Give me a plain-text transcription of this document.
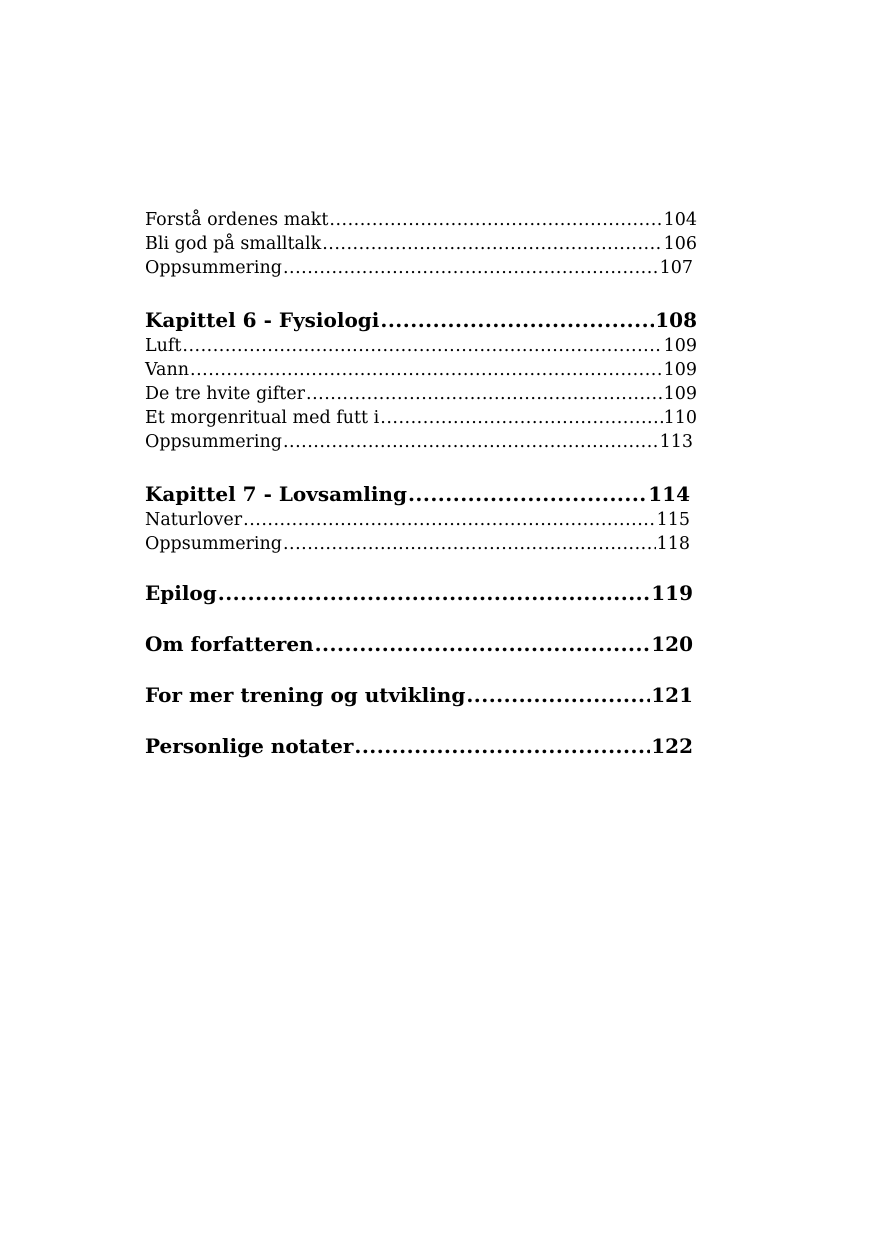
Forstå ordenes makt .....	104
Bli god på smalltalk .....	106
Oppsummering .....	107
Kapittel 6 - Fysiologi .....	108
Luft .....	109
Vann .....	109
De tre hvite gifter .....	109
Et morgenritual med futt i .....	110
Oppsummering .....	113
Kapittel 7 - Lovsamling .....	114
Naturlover .....	115
Oppsummering .....	118
Epilog .....	119
Om forfatteren .....	120
For mer trening og utvikling .....	121
Personlige notater .....	122
